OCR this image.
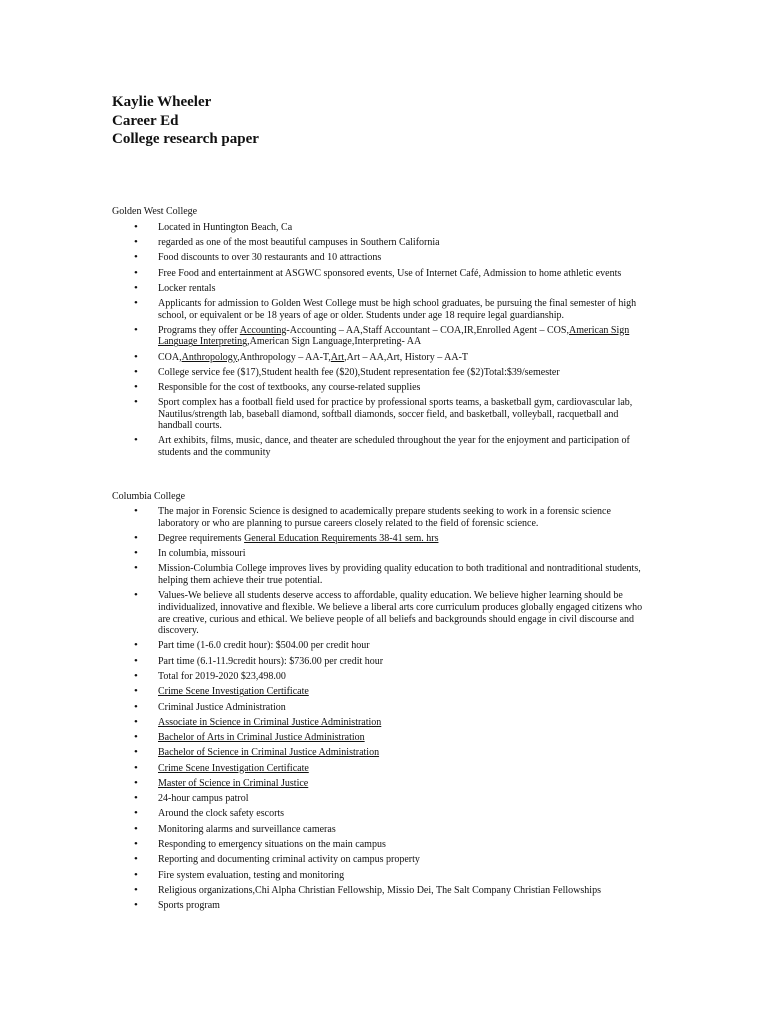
Kaylie Wheeler
Career Ed
College research paper
Golden West College
• Located in Huntington Beach, Ca
• regarded as one of the most beautiful campuses in Southern California
• Food discounts to over 30 restaurants and 10 attractions
• Free Food and entertainment at ASGWC sponsored events, Use of Internet Café, Admission to home athletic events
• Locker rentals
• Applicants for admission to Golden West College must be high school graduates, be pursuing the final semester of high school, or equivalent or be 18 years of age or older. Students under age 18 require legal guardianship.
• Programs they offer Accounting-Accounting – AA,Staff Accountant – COA,IR,Enrolled Agent – COS,American Sign Language Interpreting,American Sign Language,Interpreting- AA
• COA,Anthropology,Anthropology – AA-T,Art,Art – AA,Art, History – AA-T
• College service fee ($17),Student health fee ($20),Student representation fee ($2)Total:$39/semester
• Responsible for the cost of textbooks, any course-related supplies
• Sport complex has a football field used for practice by professional sports teams, a basketball gym, cardiovascular lab, Nautilus/strength lab, baseball diamond, softball diamonds, soccer field, and basketball, volleyball, racquetball and handball courts.
• Art exhibits, films, music, dance, and theater are scheduled throughout the year for the enjoyment and participation of students and the community
Columbia College
• The major in Forensic Science is designed to academically prepare students seeking to work in a forensic science laboratory or who are planning to pursue careers closely related to the field of forensic science.
• Degree requirements General Education Requirements 38-41 sem. hrs
• In columbia, missouri
• Mission-Columbia College improves lives by providing quality education to both traditional and nontraditional students, helping them achieve their true potential.
• Values-We believe all students deserve access to affordable, quality education. We believe higher learning should be individualized, innovative and flexible. We believe a liberal arts core curriculum produces globally engaged citizens who are creative, curious and ethical. We believe people of all beliefs and backgrounds should engage in civil discourse and discovery.
• Part time (1-6.0 credit hour): $504.00 per credit hour
• Part time (6.1-11.9credit hours): $736.00 per credit hour
• Total for 2019-2020 $23,498.00
• Crime Scene Investigation Certificate
• Criminal Justice Administration
• Associate in Science in Criminal Justice Administration
• Bachelor of Arts in Criminal Justice Administration
• Bachelor of Science in Criminal Justice Administration
• Crime Scene Investigation Certificate
• Master of Science in Criminal Justice
• 24-hour campus patrol
• Around the clock safety escorts
• Monitoring alarms and surveillance cameras
• Responding to emergency situations on the main campus
• Reporting and documenting criminal activity on campus property
• Fire system evaluation, testing and monitoring
• Religious organizations,Chi Alpha Christian Fellowship, Missio Dei, The Salt Company Christian Fellowships
• Sports program
